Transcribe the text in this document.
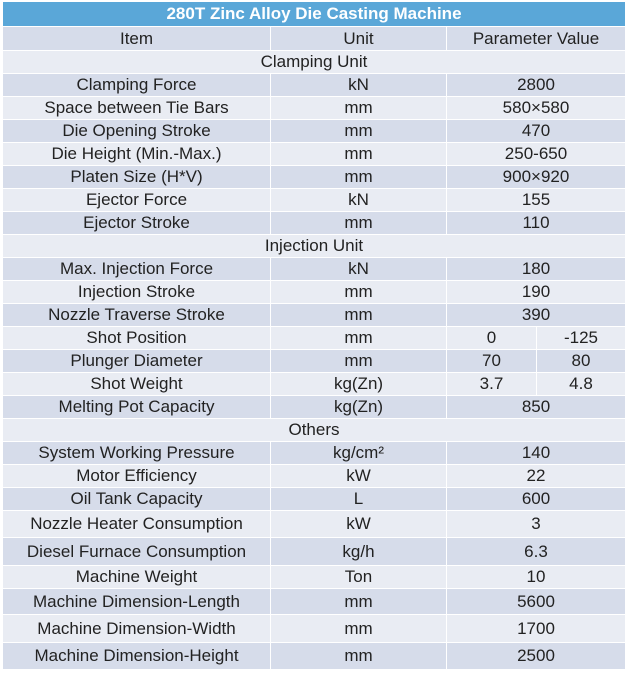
280T Zinc Alloy Die Casting Machine			
Item	Unit	Parameter Value	
Clamping Unit			
Clamping Force	kN	2800	
Space between Tie Bars	mm	580×580	
Die Opening Stroke	mm	470	
Die Height (Min.-Max.)	mm	250-650	
Platen Size (H*V)	mm	900×920	
Ejector Force	kN	155	
Ejector Stroke	mm	110	
Injection Unit			
Max. Injection Force	kN	180	
Injection Stroke	mm	190	
Nozzle Traverse Stroke	mm	390	
Shot Position	mm	0	-125
Plunger Diameter	mm	70	80
Shot Weight	kg(Zn)	3.7	4.8
Melting Pot Capacity	kg(Zn)	850	
Others			
System Working Pressure	kg/cm²	140	
Motor Efficiency	kW	22	
Oil Tank Capacity	L	600	
Nozzle Heater Consumption	kW	3	
Diesel Furnace Consumption	kg/h	6.3	
Machine Weight	Ton	10	
Machine Dimension-Length	mm	5600	
Machine Dimension-Width	mm	1700	
Machine Dimension-Height	mm	2500	
